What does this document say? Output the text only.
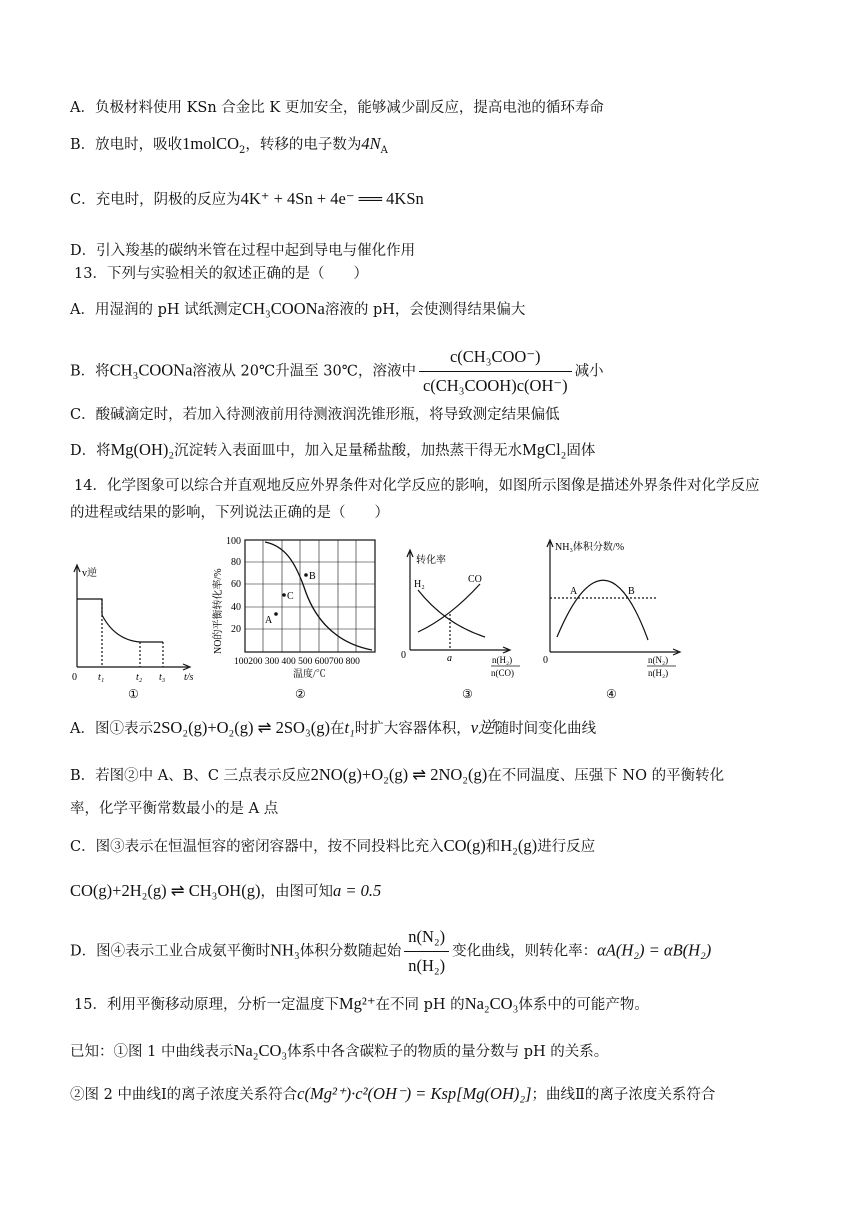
A．负极材料使用 KSn 合金比 K 更加安全，能够减少副反应，提高电池的循环寿命
B．放电时，吸收1molCO$_2$，转移的电子数为$4N_A$
C．充电时，阴极的反应为4K⁺ + 4Sn + 4e⁻ ══ 4KSn
D．引入羧基的碳纳米管在过程中起到导电与催化作用
13．下列与实验相关的叙述正确的是（　　）
A．用湿润的 pH 试纸测定CH₃COONa溶液的 pH，会使测得结果偏大
B．将CH₃COONa溶液从 20℃升温至 30℃，溶液中 $\frac{\text{c(CH₃COO⁻)}}{\text{c(CH₃COOH)c(OH⁻)}}$ 减小
C．酸碱滴定时，若加入待测液前用待测液润洗锥形瓶，将导致测定结果偏低
D．将Mg(OH)₂沉淀转入表面皿中，加入足量稀盐酸，加热蒸干得无水MgCl₂固体
14．化学图象可以综合并直观地反应外界条件对化学反应的影响，如图所示图像是描述外界条件对化学反应
的进程或结果的影响，下列说法正确的是（　　）
v逆
0 t₁	t₂ t₃ t/s
①
A
B
C
100
80
60
40
20
NO的平衡转化率/%
100200 300 400 500 600700 800
温度/℃
②
转化率
H₂	CO
0	a	n(H₂)
n(CO)
③
NH₃体积分数/%
A	B
0	n(N₂)
n(H₂)
④
A．图①表示2SO₂(g)+O₂(g) ⇌ 2SO₃(g)在t₁时扩大容器体积，v逆随时间变化曲线
B．若图②中 A、B、C 三点表示反应2NO(g)+O₂(g) ⇌ 2NO₂(g)在不同温度、压强下 NO 的平衡转化
率，化学平衡常数最小的是 A 点
C．图③表示在恒温恒容的密闭容器中，按不同投料比充入CO(g)和H₂(g)进行反应
CO(g)+2H₂(g) ⇌ CH₃OH(g)，由图可知a = 0.5
D．图④表示工业合成氨平衡时NH₃体积分数随起始 $\frac{\text{n(N₂)}}{\text{n(H₂)}}$ 变化曲线，则转化率：αA(H₂) = αB(H₂)
15．利用平衡移动原理，分析一定温度下Mg²⁺在不同 pH 的Na₂CO₃体系中的可能产物。
已知：①图 1 中曲线表示Na₂CO₃体系中各含碳粒子的物质的量分数与 pH 的关系。
②图 2 中曲线Ⅰ的离子浓度关系符合c(Mg²⁺)·c²(OH⁻) = Ksp[Mg(OH)₂]；曲线Ⅱ的离子浓度关系符合
